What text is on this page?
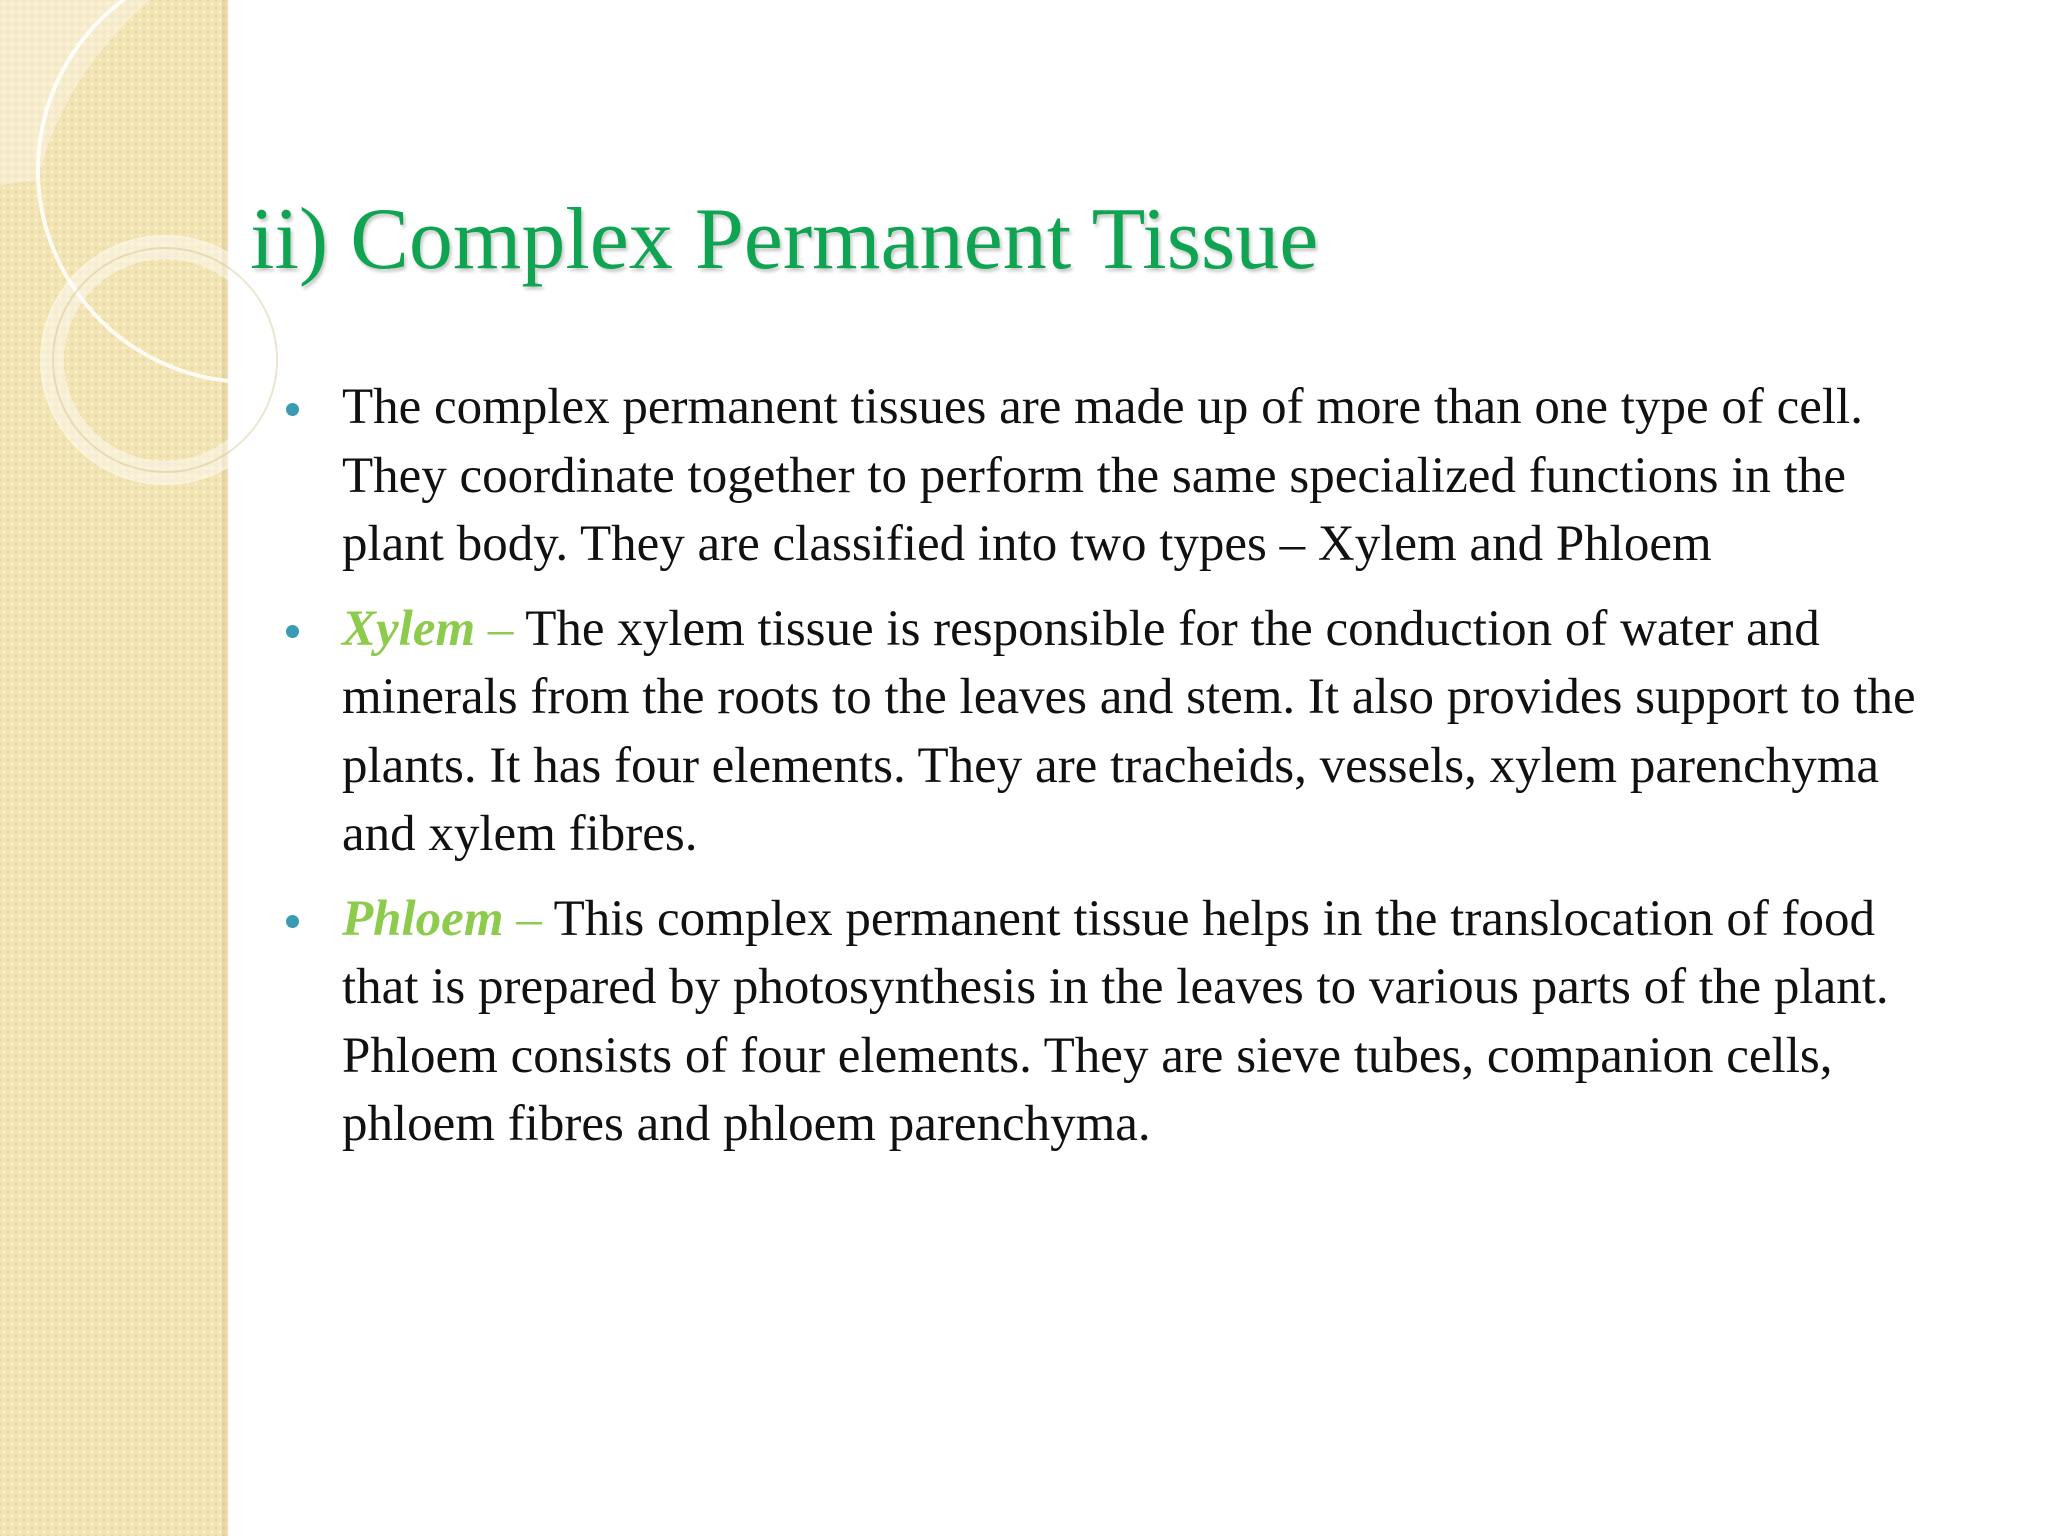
ii) Complex Permanent Tissue
The complex permanent tissues are made up of more than one type of cell. They coordinate together to perform the same specialized functions in the plant body. They are classified into two types – Xylem and Phloem
Xylem – The xylem tissue is responsible for the conduction of water and minerals from the roots to the leaves and stem. It also provides support to the plants. It has four elements. They are tracheids, vessels, xylem parenchyma and xylem fibres.
Phloem – This complex permanent tissue helps in the translocation of food that is prepared by photosynthesis in the leaves to various parts of the plant. Phloem consists of four elements. They are sieve tubes, companion cells, phloem fibres and phloem parenchyma.
